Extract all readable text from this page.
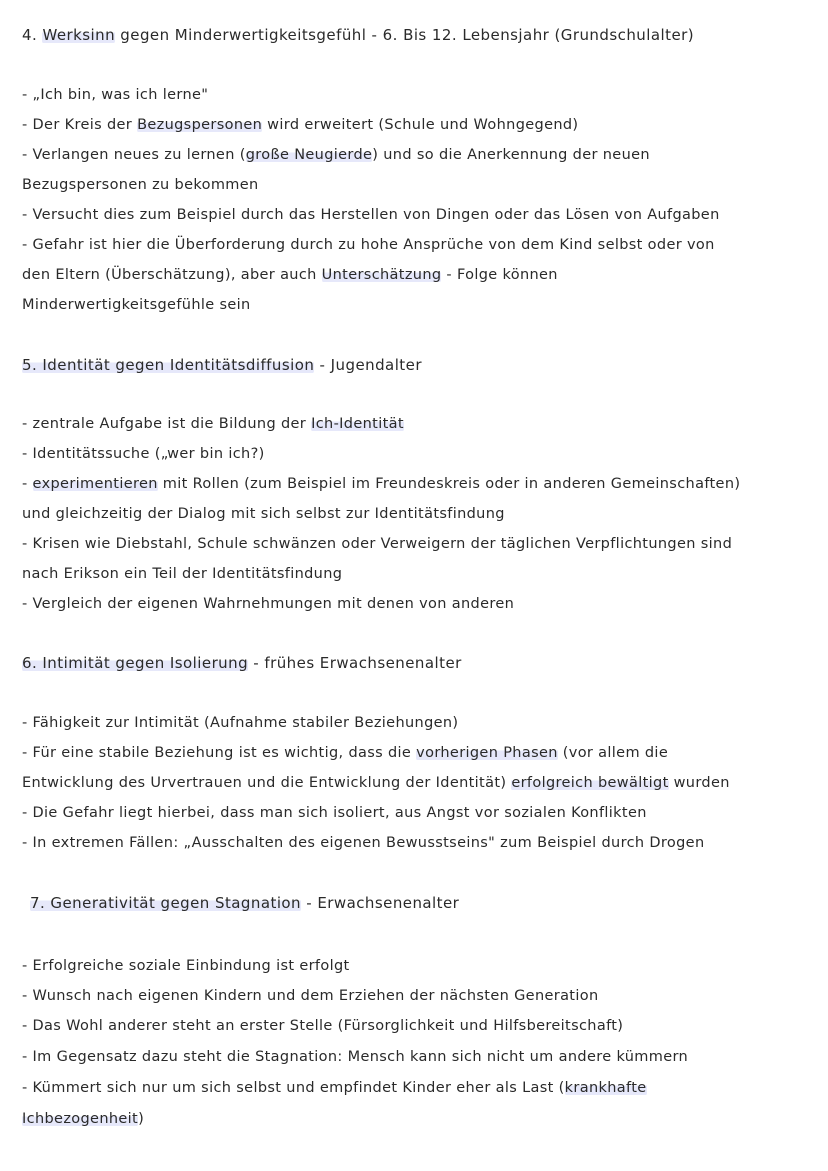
4. Werksinn gegen Minderwertigkeitsgefühl - 6. Bis 12. Lebensjahr (Grundschulalter)
- „Ich bin, was ich lerne"
- Der Kreis der Bezugspersonen wird erweitert (Schule und Wohngegend)
- Verlangen neues zu lernen (große Neugierde) und so die Anerkennung der neuen
Bezugspersonen zu bekommen
- Versucht dies zum Beispiel durch das Herstellen von Dingen oder das Lösen von Aufgaben
- Gefahr ist hier die Überforderung durch zu hohe Ansprüche von dem Kind selbst oder von
den Eltern (Überschätzung), aber auch Unterschätzung - Folge können
Minderwertigkeitsgefühle sein
5. Identität gegen Identitätsdiffusion - Jugendalter
- zentrale Aufgabe ist die Bildung der Ich-Identität
- Identitätssuche („wer bin ich?)
- experimentieren mit Rollen (zum Beispiel im Freundeskreis oder in anderen Gemeinschaften)
und gleichzeitig der Dialog mit sich selbst zur Identitätsfindung
- Krisen wie Diebstahl, Schule schwänzen oder Verweigern der täglichen Verpflichtungen sind
nach Erikson ein Teil der Identitätsfindung
- Vergleich der eigenen Wahrnehmungen mit denen von anderen
6. Intimität gegen Isolierung - frühes Erwachsenenalter
- Fähigkeit zur Intimität (Aufnahme stabiler Beziehungen)
- Für eine stabile Beziehung ist es wichtig, dass die vorherigen Phasen (vor allem die
Entwicklung des Urvertrauen und die Entwicklung der Identität) erfolgreich bewältigt wurden
- Die Gefahr liegt hierbei, dass man sich isoliert, aus Angst vor sozialen Konflikten
- In extremen Fällen: „Ausschalten des eigenen Bewusstseins" zum Beispiel durch Drogen
7. Generativität gegen Stagnation - Erwachsenenalter
- Erfolgreiche soziale Einbindung ist erfolgt
- Wunsch nach eigenen Kindern und dem Erziehen der nächsten Generation
- Das Wohl anderer steht an erster Stelle (Fürsorglichkeit und Hilfsbereitschaft)
- Im Gegensatz dazu steht die Stagnation: Mensch kann sich nicht um andere kümmern
- Kümmert sich nur um sich selbst und empfindet Kinder eher als Last (krankhafte
Ichbezogenheit)
